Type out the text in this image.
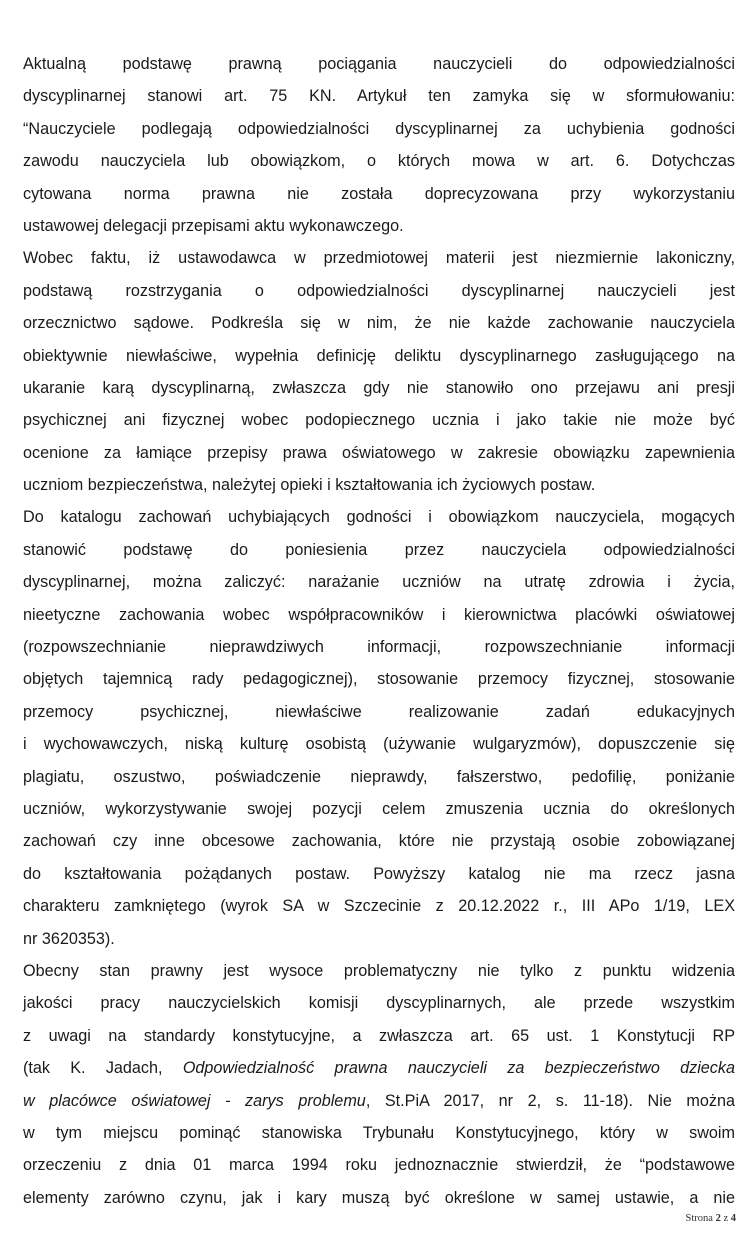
Aktualną podstawę prawną pociągania nauczycieli do odpowiedzialności
dyscyplinarnej stanowi art. 75 KN. Artykuł ten zamyka się w sformułowaniu:
“Nauczyciele podlegają odpowiedzialności dyscyplinarnej za uchybienia godności
zawodu nauczyciela lub obowiązkom, o których mowa w art. 6. Dotychczas
cytowana norma prawna nie została doprecyzowana przy wykorzystaniu
ustawowej delegacji przepisami aktu wykonawczego.
Wobec faktu, iż ustawodawca w przedmiotowej materii jest niezmiernie lakoniczny,
podstawą rozstrzygania o odpowiedzialności dyscyplinarnej nauczycieli jest
orzecznictwo sądowe. Podkreśla się w nim, że nie każde zachowanie nauczyciela
obiektywnie niewłaściwe, wypełnia definicję deliktu dyscyplinarnego zasługującego na
ukaranie karą dyscyplinarną, zwłaszcza gdy nie stanowiło ono przejawu ani presji
psychicznej ani fizycznej wobec podopiecznego ucznia i jako takie nie może być
ocenione za łamiące przepisy prawa oświatowego w zakresie obowiązku zapewnienia
uczniom bezpieczeństwa, należytej opieki i kształtowania ich życiowych postaw.
Do katalogu zachowań uchybiających godności i obowiązkom nauczyciela, mogących
stanowić podstawę do poniesienia przez nauczyciela odpowiedzialności
dyscyplinarnej, można zaliczyć: narażanie uczniów na utratę zdrowia i życia,
nieetyczne zachowania wobec współpracowników i kierownictwa placówki oświatowej
(rozpowszechnianie nieprawdziwych informacji, rozpowszechnianie informacji
objętych tajemnicą rady pedagogicznej), stosowanie przemocy fizycznej, stosowanie
przemocy psychicznej, niewłaściwe realizowanie zadań edukacyjnych
i wychowawczych, niską kulturę osobistą (używanie wulgaryzmów), dopuszczenie się
plagiatu, oszustwo, poświadczenie nieprawdy, fałszerstwo, pedofilię, poniżanie
uczniów, wykorzystywanie swojej pozycji celem zmuszenia ucznia do określonych
zachowań czy inne obcesowe zachowania, które nie przystają osobie zobowiązanej
do kształtowania pożądanych postaw. Powyższy katalog nie ma rzecz jasna
charakteru zamkniętego (wyrok SA w Szczecinie z 20.12.2022 r., III APo 1/19, LEX
nr 3620353).
Obecny stan prawny jest wysoce problematyczny nie tylko z punktu widzenia
jakości pracy nauczycielskich komisji dyscyplinarnych, ale przede wszystkim
z uwagi na standardy konstytucyjne, a zwłaszcza art. 65 ust. 1 Konstytucji RP
(tak K. Jadach, Odpowiedzialność prawna nauczycieli za bezpieczeństwo dziecka
w placówce oświatowej - zarys problemu, St.PiA 2017, nr 2, s. 11-18). Nie można
w tym miejscu pominąć stanowiska Trybunału Konstytucyjnego, który w swoim
orzeczeniu z dnia 01 marca 1994 roku jednoznacznie stwierdził, że “podstawowe
elementy zarówno czynu, jak i kary muszą być określone w samej ustawie, a nie
Strona 2 z 4
